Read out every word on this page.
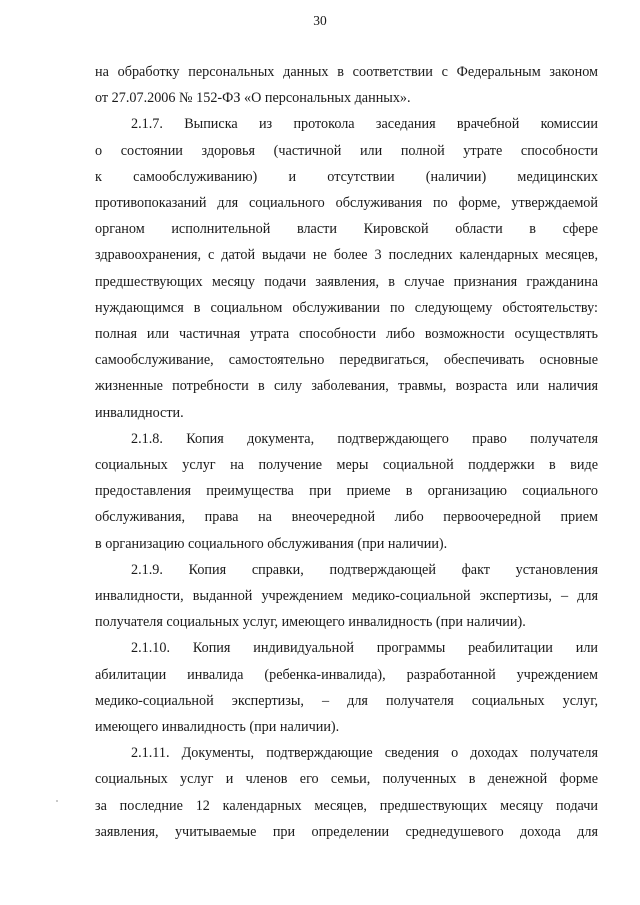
30
на обработку персональных данных в соответствии с Федеральным законом
от 27.07.2006 № 152-ФЗ «О персональных данных».
2.1.7. Выписка из протокола заседания врачебной комиссии
о состоянии здоровья (частичной или полной утрате способности
к самообслуживанию) и отсутствии (наличии) медицинских
противопоказаний для социального обслуживания по форме, утверждаемой
органом исполнительной власти Кировской области в сфере
здравоохранения, с датой выдачи не более 3 последних календарных месяцев,
предшествующих месяцу подачи заявления, в случае признания гражданина
нуждающимся в социальном обслуживании по следующему обстоятельству:
полная или частичная утрата способности либо возможности осуществлять
самообслуживание, самостоятельно передвигаться, обеспечивать основные
жизненные потребности в силу заболевания, травмы, возраста или наличия
инвалидности.
2.1.8. Копия документа, подтверждающего право получателя
социальных услуг на получение меры социальной поддержки в виде
предоставления преимущества при приеме в организацию социального
обслуживания, права на внеочередной либо первоочередной прием
в организацию социального обслуживания (при наличии).
2.1.9. Копия справки, подтверждающей факт установления
инвалидности, выданной учреждением медико-социальной экспертизы, – для
получателя социальных услуг, имеющего инвалидность (при наличии).
2.1.10. Копия индивидуальной программы реабилитации или
абилитации инвалида (ребенка-инвалида), разработанной учреждением
медико-социальной экспертизы, – для получателя социальных услуг,
имеющего инвалидность (при наличии).
2.1.11. Документы, подтверждающие сведения о доходах получателя
социальных услуг и членов его семьи, полученных в денежной форме
за последние 12 календарных месяцев, предшествующих месяцу подачи
заявления, учитываемые при определении среднедушевого дохода для
